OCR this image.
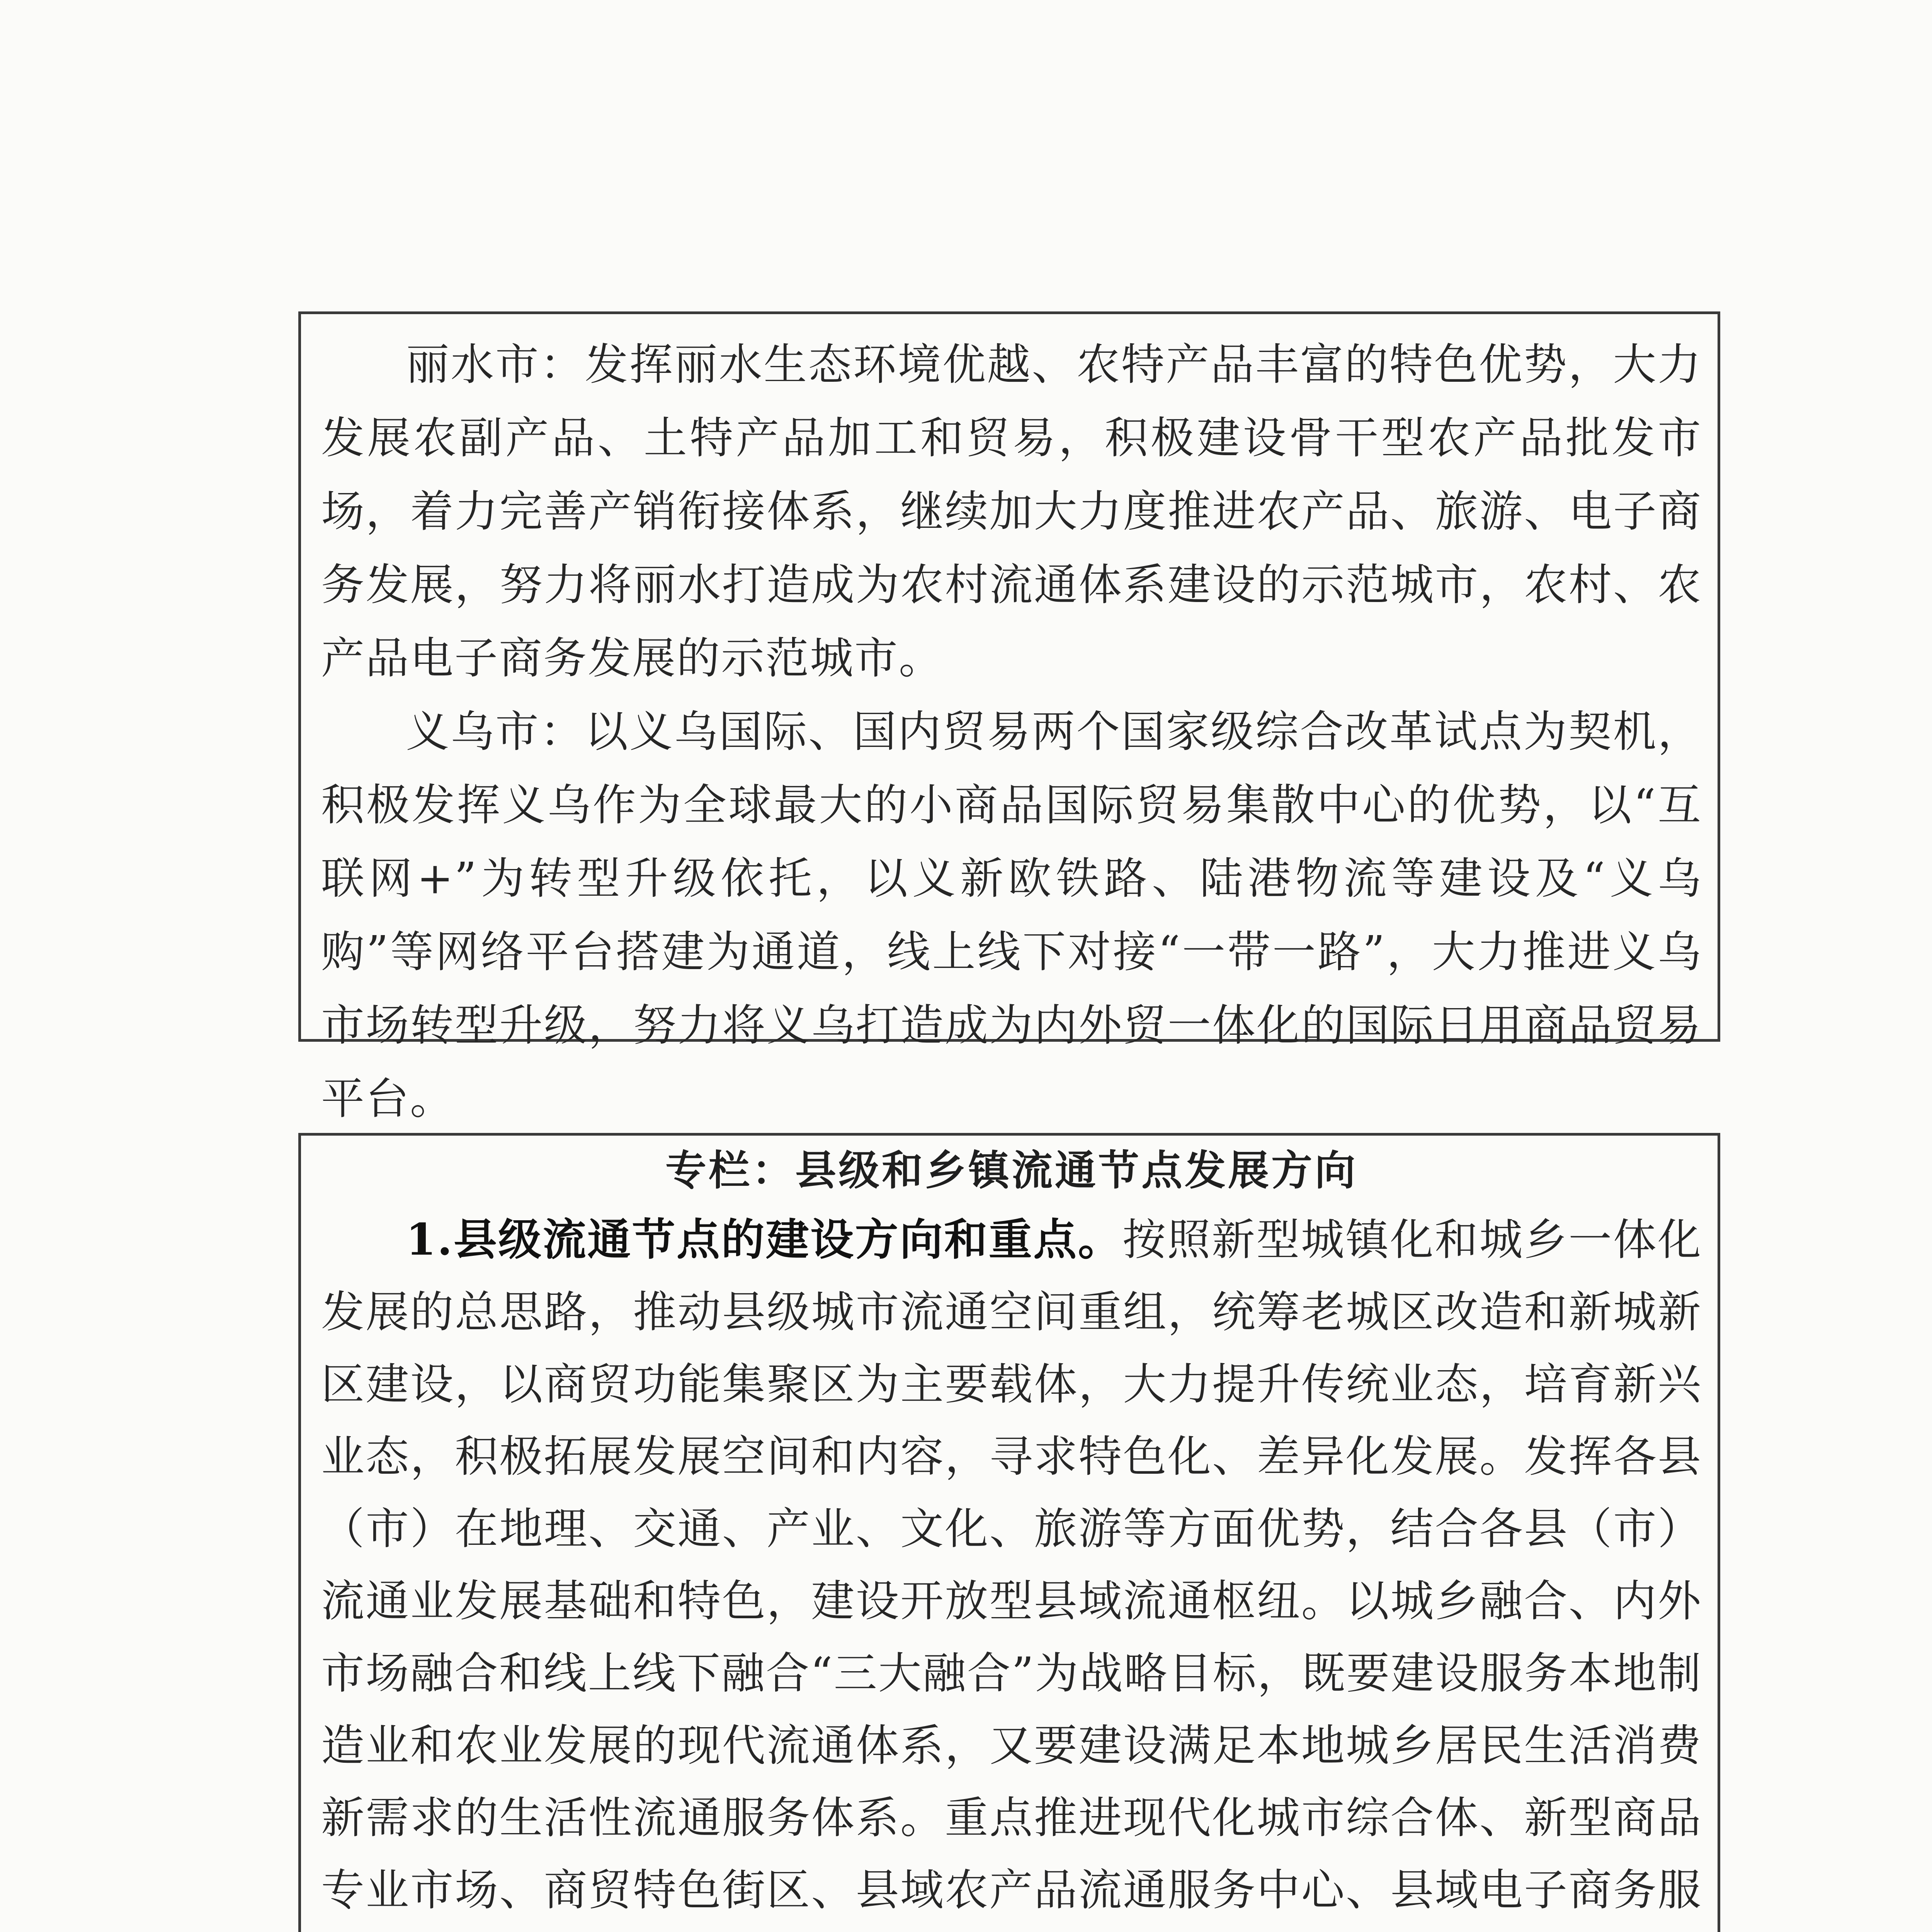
丽水市：发挥丽水生态环境优越、农特产品丰富的特色优势，大力发展农副产品、土特产品加工和贸易，积极建设骨干型农产品批发市场，着力完善产销衔接体系，继续加大力度推进农产品、旅游、电子商务发展，努力将丽水打造成为农村流通体系建设的示范城市，农村、农产品电子商务发展的示范城市。

义乌市：以义乌国际、国内贸易两个国家级综合改革试点为契机，积极发挥义乌作为全球最大的小商品国际贸易集散中心的优势，以“互联网+”为转型升级依托，以义新欧铁路、陆港物流等建设及“义乌购”等网络平台搭建为通道，线上线下对接“一带一路”，大力推进义乌市场转型升级，努力将义乌打造成为内外贸一体化的国际日用商品贸易平台。

专栏：县级和乡镇流通节点发展方向

1.县级流通节点的建设方向和重点。按照新型城镇化和城乡一体化发展的总思路，推动县级城市流通空间重组，统筹老城区改造和新城新区建设，以商贸功能集聚区为主要载体，大力提升传统业态，培育新兴业态，积极拓展发展空间和内容，寻求特色化、差异化发展。发挥各县（市）在地理、交通、产业、文化、旅游等方面优势，结合各县（市）流通业发展基础和特色，建设开放型县域流通枢纽。以城乡融合、内外市场融合和线上线下融合“三大融合”为战略目标，既要建设服务本地制造业和农业发展的现代流通体系，又要建设满足本地城乡居民生活消费新需求的生活性流通服务体系。重点推进现代化城市综合体、新型商品专业市场、商贸特色街区、县域农产品流通服务中心、县域电子商务服
